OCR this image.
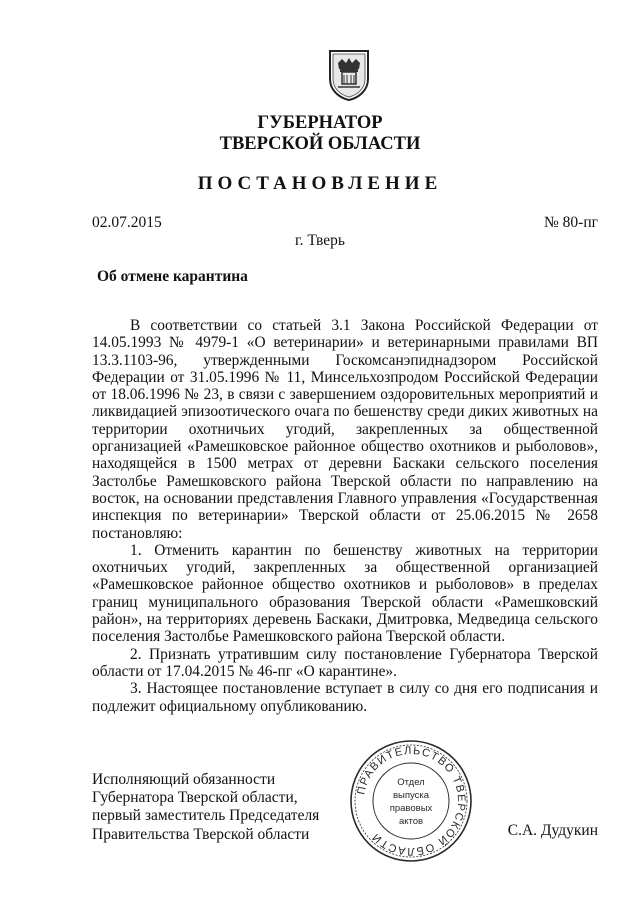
ГУБЕРНАТОР
ТВЕРСКОЙ ОБЛАСТИ
ПОСТАНОВЛЕНИЕ
02.07.2015	№ 80-пг
г. Тверь
Об отмене карантина

В соответствии со статьей 3.1 Закона Российской Федерации от 14.05.1993 № 4979-1 «О ветеринарии» и ветеринарными правилами ВП 13.3.1103-96, утвержденными Госкомсанэпиднадзором Российской Федерации от 31.05.1996 № 11, Минсельхозпродом Российской Федерации от 18.06.1996 № 23, в связи с завершением оздоровительных мероприятий и ликвидацией эпизоотического очага по бешенству среди диких животных на территории охотничьих угодий, закрепленных за общественной организацией «Рамешковское районное общество охотников и рыболовов», находящейся в 1500 метрах от деревни Баскаки сельского поселения Застолбье Рамешковского района Тверской области по направлению на восток, на основании представления Главного управления «Государственная инспекция по ветеринарии» Тверской области от 25.06.2015 № 2658 постановляю:

1. Отменить карантин по бешенству животных на территории охотничьих угодий, закрепленных за общественной организацией «Рамешковское районное общество охотников и рыболовов» в пределах границ муниципального образования Тверской области «Рамешковский район», на территориях деревень Баскаки, Дмитровка, Медведица сельского поселения Застолбье Рамешковского района Тверской области.

2. Признать утратившим силу постановление Губернатора Тверской области от 17.04.2015 № 46-пг «О карантине».

3. Настоящее постановление вступает в силу со дня его подписания и подлежит официальному опубликованию.

Исполняющий обязанности
Губернатора Тверской области,
первый заместитель Председателя
Правительства Тверской области
ПРАВИТЕЛЬСТВО ТВЕРСКОЙ ОБЛАСТИ
Отдел
выпуска
правовых
актов
С.А. Дудукин
